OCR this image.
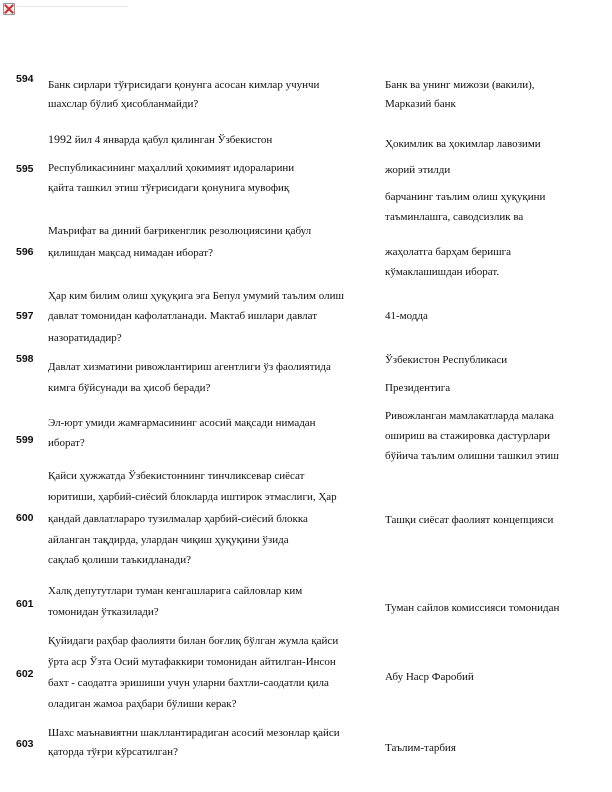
594 Банк сирлари тўғрисидаги қонунга асосан кимлар учунчи
шахслар бўлиб ҳисобланмайди?
Банк ва унинг мижози (вакили),
Марказий банк
595
1992 йил 4 январда қабул қилинган Ўзбекистон
Республикасининг маҳаллий ҳокимият идораларини
қайта ташкил этиш тўғрисидаги қонунига мувофиқ
Ҳокимлик ва ҳокимлар лавозими
жорий этилди
596
Маърифат ва диний бағрикенглик резолюциясини қабул
қилишдан мақсад нимадан иборат?
барчанинг таълим олиш ҳуқуқини
таъминлашга, саводсизлик ва
жаҳолатга барҳам беришга
кўмаклашишдан иборат.
597
Ҳар ким билим олиш ҳуқуқига эга Бепул умумий таълим олиш
давлат томонидан кафолатланади. Мактаб ишлари давлат
назоратидадир?
41-модда
598
Давлат хизматини ривожлантириш агентлиги ўз фаолиятида
кимга бўйсунади ва ҳисоб беради?
Ўзбекистон Республикаси
Президентига
599
Эл-юрт умиди жамғармасининг асосий мақсади нимадан
иборат?
Ривожланган мамлакатларда малака
ошириш ва стажировка дастурлари
бўйича таълим олишни ташкил этиш
600
Қайси ҳужжатда Ўзбекистоннинг тинчликсевар сиёсат
юритиши, ҳарбий-сиёсий блокларда иштирок этмаслиги, Ҳар
қандай давлатлараро тузилмалар ҳарбий-сиёсий блокка
айланган тақдирда, улардан чиқиш ҳуқуқини ўзида
сақлаб қолиши таъкидланади?
Ташқи сиёсат фаолият концепцияси
601
Халқ депутутлари туман кенгашларига сайловлар ким
томонидан ўтказилади?	Туман сайлов комиссияси томонидан
602
Қуйидаги раҳбар фаолияти билан боғлиқ бўлган жумла қайси
ўрта аср Ўзта Осий мутафаккири томонидан айтилган-Инсон
бахт - саодатга эришиши учун уларни бахтли-саодатли қила
оладиган жамоа раҳбари бўлиши керак?
Абу Наср Фаробий
603
Шахс маънавиятни шакллантирадиган асосий мезонлар қайси
қаторда тўғри кўрсатилган?	Таълим-тарбия
